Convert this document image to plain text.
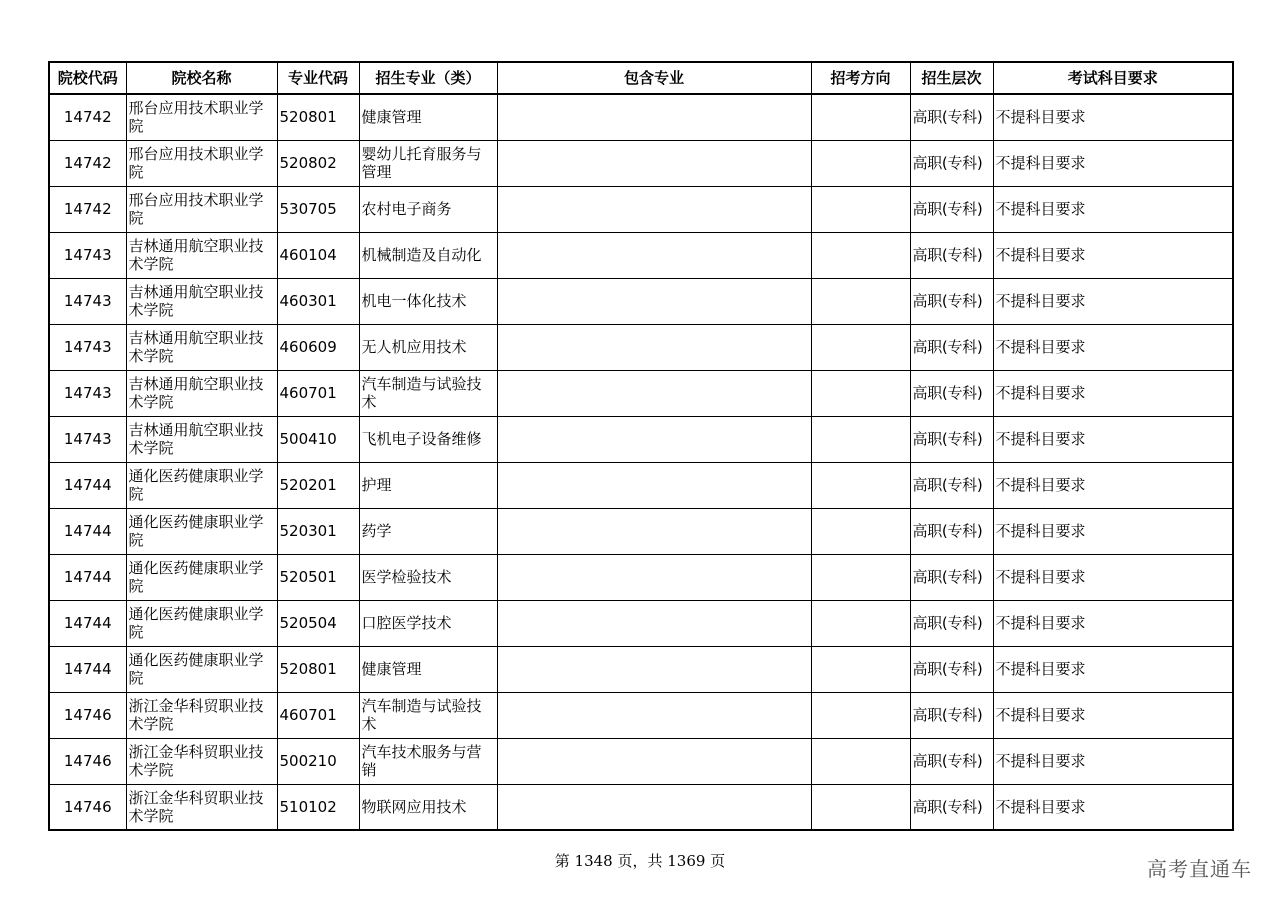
院校代码	院校名称	专业代码	招生专业（类）	包含专业	招考方向	招生层次	考试科目要求
14742	邢台应用技术职业学院	520801	健康管理			高职(专科)	不提科目要求
14742	邢台应用技术职业学院	520802	婴幼儿托育服务与管理			高职(专科)	不提科目要求
14742	邢台应用技术职业学院	530705	农村电子商务			高职(专科)	不提科目要求
14743	吉林通用航空职业技术学院	460104	机械制造及自动化			高职(专科)	不提科目要求
14743	吉林通用航空职业技术学院	460301	机电一体化技术			高职(专科)	不提科目要求
14743	吉林通用航空职业技术学院	460609	无人机应用技术			高职(专科)	不提科目要求
14743	吉林通用航空职业技术学院	460701	汽车制造与试验技术			高职(专科)	不提科目要求
14743	吉林通用航空职业技术学院	500410	飞机电子设备维修			高职(专科)	不提科目要求
14744	通化医药健康职业学院	520201	护理			高职(专科)	不提科目要求
14744	通化医药健康职业学院	520301	药学			高职(专科)	不提科目要求
14744	通化医药健康职业学院	520501	医学检验技术			高职(专科)	不提科目要求
14744	通化医药健康职业学院	520504	口腔医学技术			高职(专科)	不提科目要求
14744	通化医药健康职业学院	520801	健康管理			高职(专科)	不提科目要求
14746	浙江金华科贸职业技术学院	460701	汽车制造与试验技术			高职(专科)	不提科目要求
14746	浙江金华科贸职业技术学院	500210	汽车技术服务与营销			高职(专科)	不提科目要求
14746	浙江金华科贸职业技术学院	510102	物联网应用技术			高职(专科)	不提科目要求
第 1348 页，共 1369 页	高考直通车
